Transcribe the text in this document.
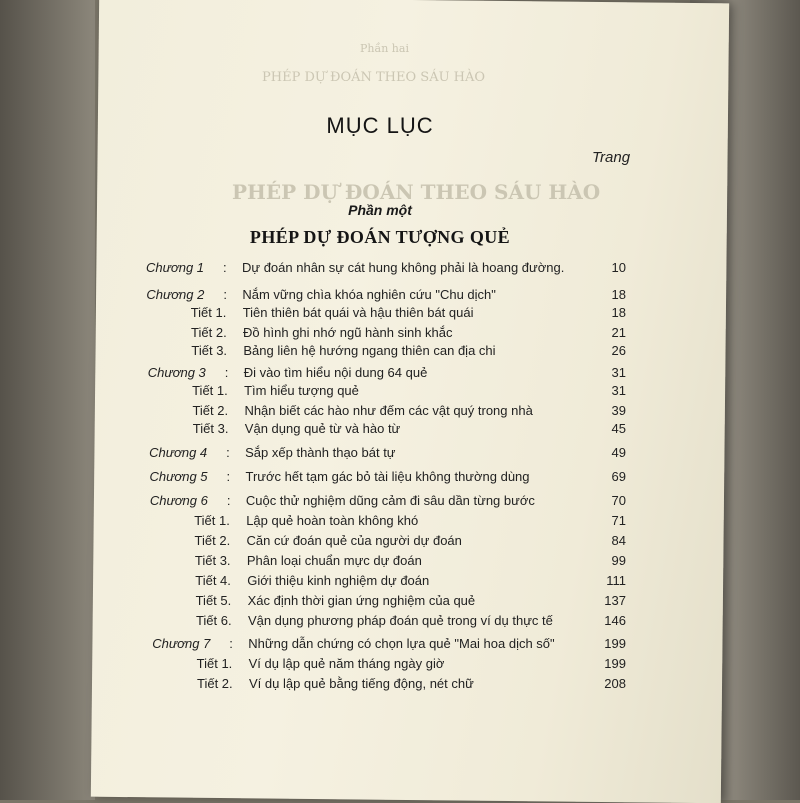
Phần hai
PHÉP DỰ ĐOÁN THEO SÁU HÀO
PHÉP DỰ ĐOÁN THEO SÁU HÀO
MỤC LỤC
Trang
Phần một
PHÉP DỰ ĐOÁN TƯỢNG QUẺ
Chương 1 : Dự đoán nhân sự cát hung không phải là hoang đường.	10
Chương 2 : Nắm vững chìa khóa nghiên cứu "Chu dịch"	18
Tiết 1. Tiên thiên bát quái và hậu thiên bát quái	18
Tiết 2. Đồ hình ghi nhớ ngũ hành sinh khắc	21
Tiết 3. Bảng liên hệ hướng ngang thiên can địa chi	26
Chương 3 : Đi vào tìm hiểu nội dung 64 quẻ	31
Tiết 1. Tìm hiểu tượng quẻ	31
Tiết 2. Nhận biết các hào như đếm các vật quý trong nhà	39
Tiết 3. Vận dụng quẻ từ và hào từ	45
Chương 4 : Sắp xếp thành thạo bát tự	49
Chương 5 : Trước hết tạm gác bỏ tài liệu không thường dùng	69
Chương 6 : Cuộc thử nghiệm dũng cảm đi sâu dần từng bước	70
Tiết 1. Lập quẻ hoàn toàn không khó	71
Tiết 2. Căn cứ đoán quẻ của người dự đoán	84
Tiết 3. Phân loại chuẩn mực dự đoán	99
Tiết 4. Giới thiệu kinh nghiệm dự đoán	111
Tiết 5. Xác định thời gian ứng nghiệm của quẻ	137
Tiết 6. Vận dụng phương pháp đoán quẻ trong ví dụ thực tế	146
Chương 7 : Những dẫn chứng có chọn lựa quẻ "Mai hoa dịch số"	199
Tiết 1. Ví dụ lập quẻ năm tháng ngày giờ	199
Tiết 2. Ví dụ lập quẻ bằng tiếng động, nét chữ	208
